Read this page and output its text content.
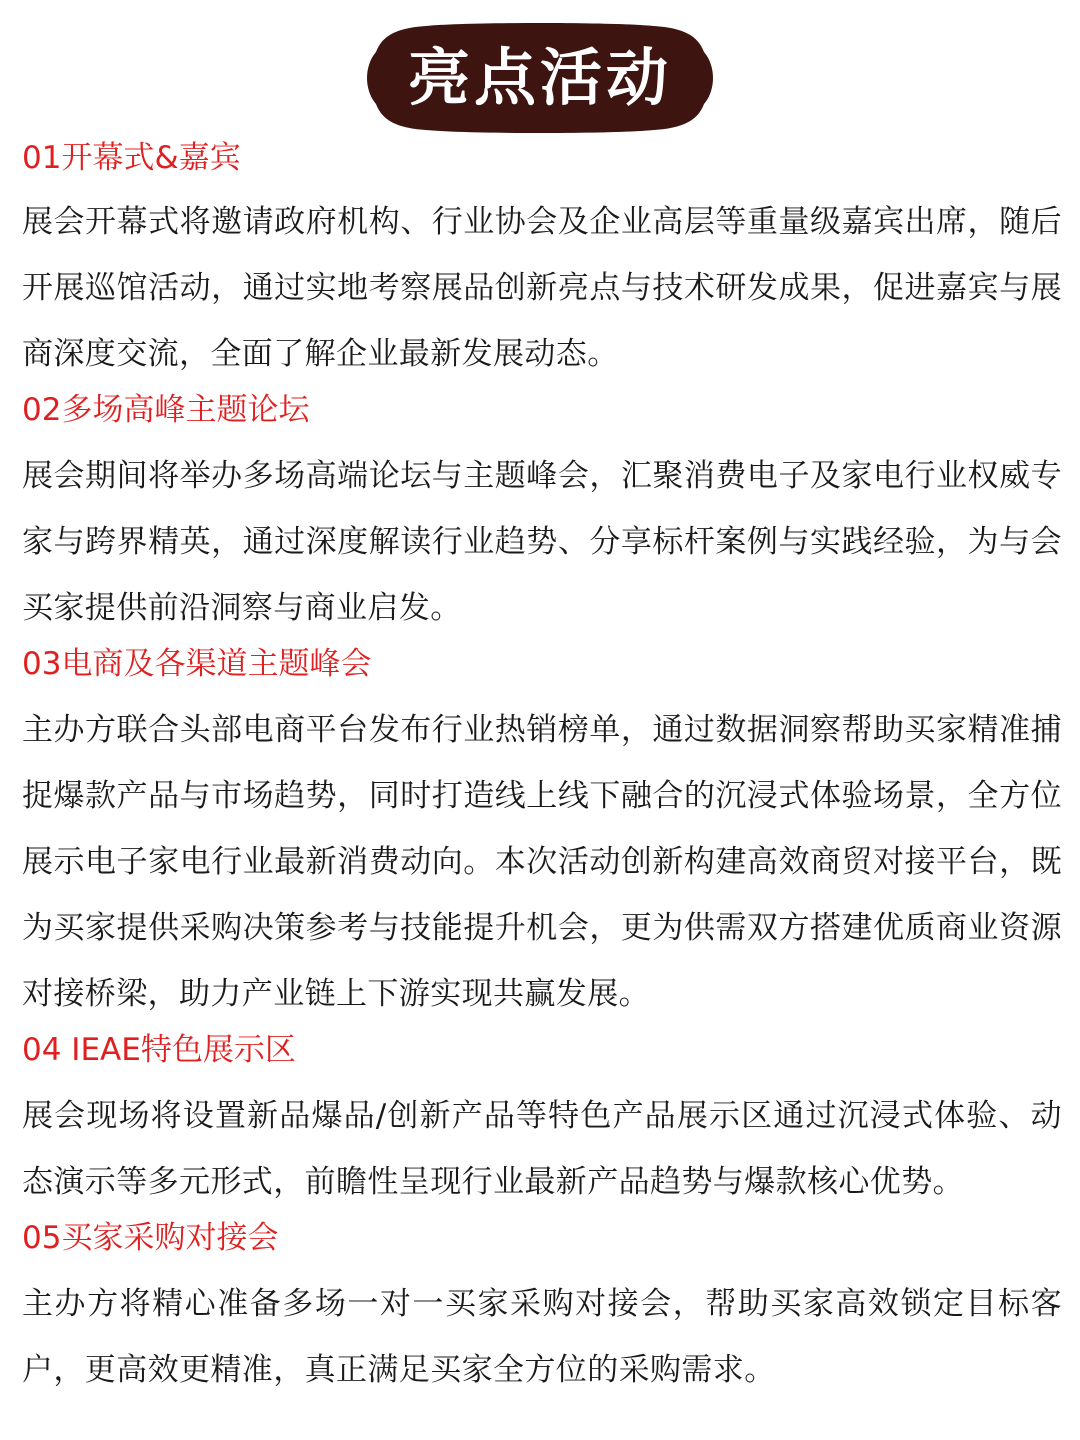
亮点活动
01开幕式&嘉宾

展会开幕式将邀请政府机构、行业协会及企业高层等重量级嘉宾出席，随后开展巡馆活动，通过实地考察展品创新亮点与技术研发成果，促进嘉宾与展商深度交流，全面了解企业最新发展动态。

02多场高峰主题论坛

展会期间将举办多场高端论坛与主题峰会，汇聚消费电子及家电行业权威专家与跨界精英，通过深度解读行业趋势、分享标杆案例与实践经验，为与会买家提供前沿洞察与商业启发。

03电商及各渠道主题峰会

主办方联合头部电商平台发布行业热销榜单，通过数据洞察帮助买家精准捕捉爆款产品与市场趋势，同时打造线上线下融合的沉浸式体验场景，全方位展示电子家电行业最新消费动向。本次活动创新构建高效商贸对接平台，既为买家提供采购决策参考与技能提升机会，更为供需双方搭建优质商业资源对接桥梁，助力产业链上下游实现共赢发展。

04 IEAE特色展示区

展会现场将设置新品爆品/创新产品等特色产品展示区通过沉浸式体验、动态演示等多元形式，前瞻性呈现行业最新产品趋势与爆款核心优势。

05买家采购对接会

主办方将精心准备多场一对一买家采购对接会，帮助买家高效锁定目标客户，更高效更精准，真正满足买家全方位的采购需求。
